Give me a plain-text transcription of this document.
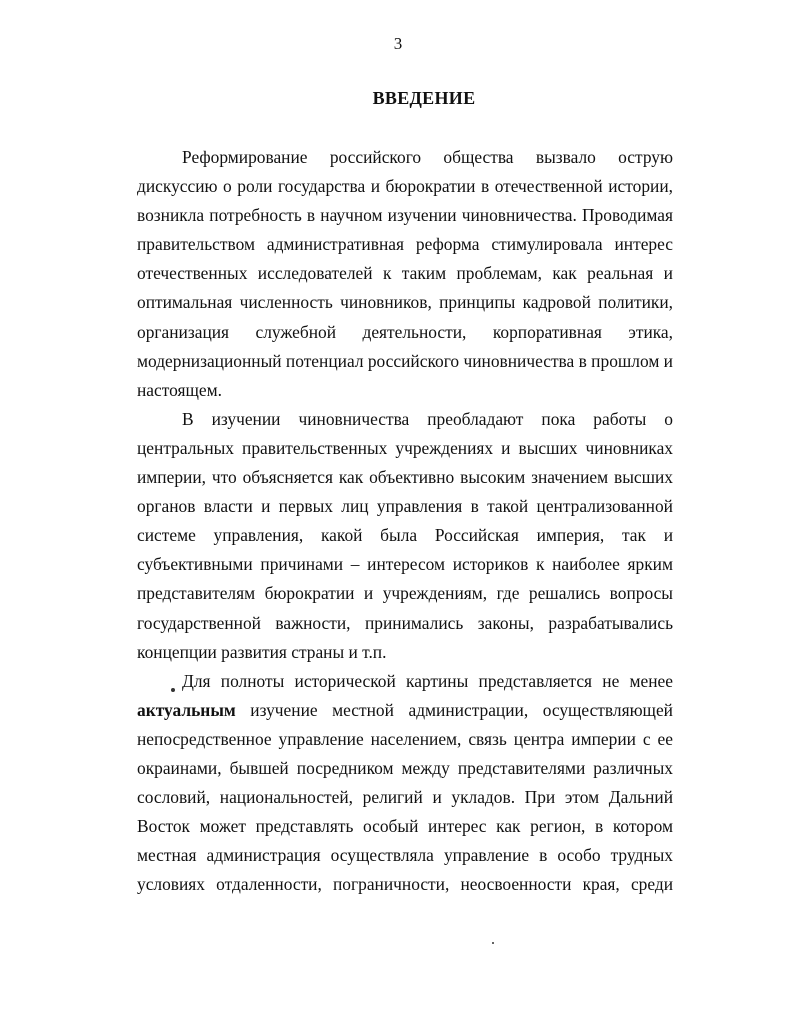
3
ВВЕДЕНИЕ

Реформирование российского общества вызвало острую дискуссию о роли государства и бюрократии в отечественной истории, возникла потребность в научном изучении чиновничества. Проводимая правительством административная реформа стимулировала интерес отечественных исследователей к таким проблемам, как реальная и оптимальная численность чиновников, принципы кадровой политики, организация служебной деятельности, корпоративная этика, модернизационный потенциал российского чиновничества в прошлом и настоящем.

В изучении чиновничества преобладают пока работы о центральных правительственных учреждениях и высших чиновниках империи, что объясняется как объективно высоким значением высших органов власти и первых лиц управления в такой централизованной системе управления, какой была Российская империя, так и субъективными причинами – интересом историков к наиболее ярким представителям бюрократии и учреждениям, где решались вопросы государственной важности, принимались законы, разрабатывались концепции развития страны и т.п.

Для полноты исторической картины представляется не менее актуальным изучение местной администрации, осуществляющей непосредственное управление населением, связь центра империи с ее окраинами, бывшей посредником между представителями различных сословий, национальностей, религий и укладов. При этом Дальний Восток может представлять особый интерес как регион, в котором местная администрация осуществляла управление в особо трудных условиях отдаленности, пограничности, неосвоенности края, среди
